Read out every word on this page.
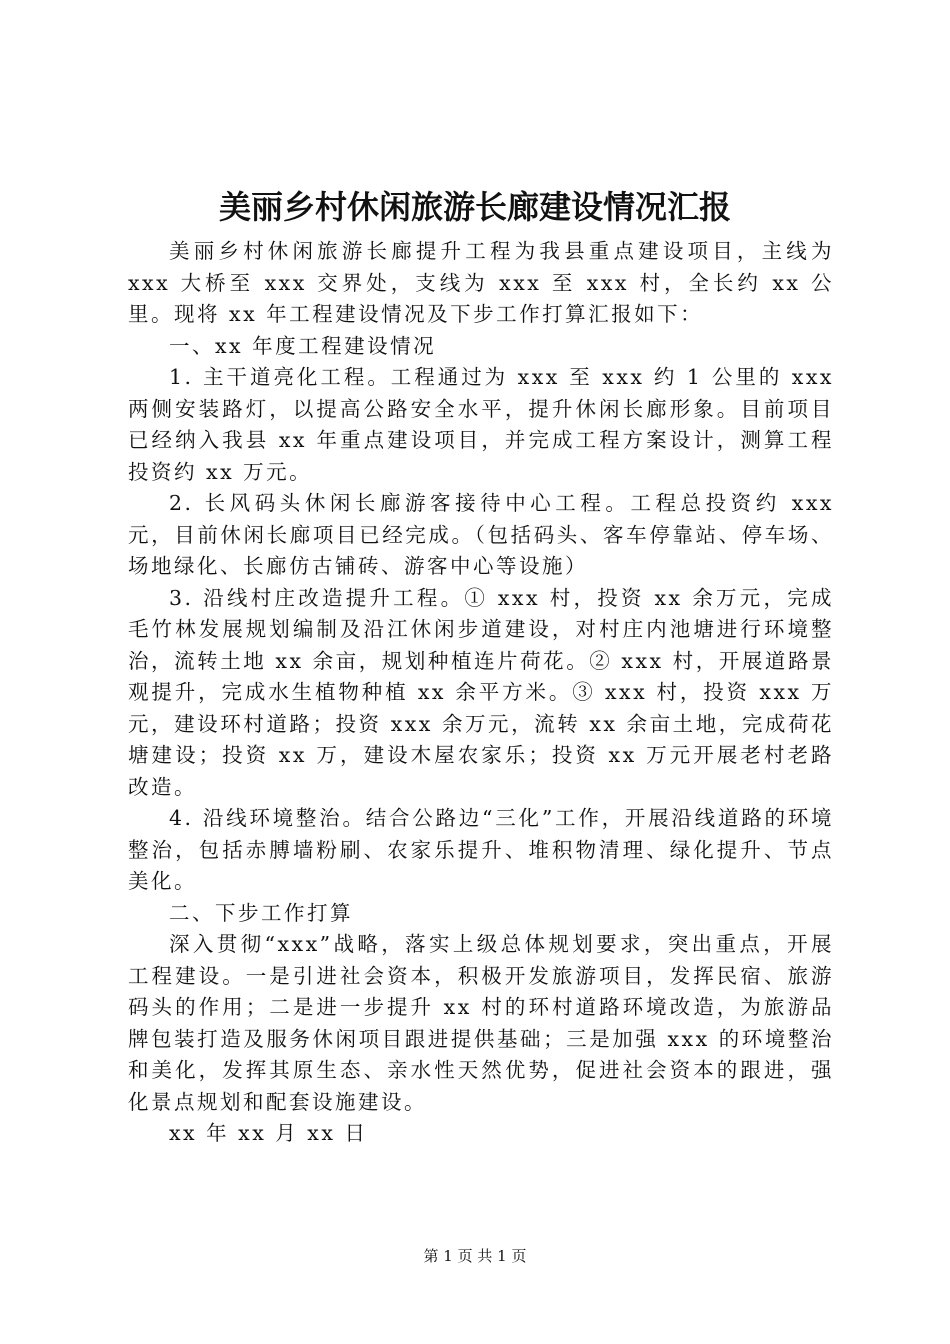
美丽乡村休闲旅游长廊建设情况汇报

美丽乡村休闲旅游长廊提升工程为我县重点建设项目，主线为 xxx 大桥至 xxx 交界处，支线为 xxx 至 xxx 村，全长约 xx 公里。现将 xx 年工程建设情况及下步工作打算汇报如下：

一、xx 年度工程建设情况

1. 主干道亮化工程。工程通过为 xxx 至 xxx 约 1 公里的 xxx 两侧安装路灯，以提高公路安全水平，提升休闲长廊形象。目前项目已经纳入我县 xx 年重点建设项目，并完成工程方案设计，测算工程投资约 xx 万元。

2. 长风码头休闲长廊游客接待中心工程。工程总投资约 xxx 元，目前休闲长廊项目已经完成。（包括码头、客车停靠站、停车场、场地绿化、长廊仿古铺砖、游客中心等设施）

3. 沿线村庄改造提升工程。① xxx 村，投资 xx 余万元，完成毛竹林发展规划编制及沿江休闲步道建设，对村庄内池塘进行环境整治，流转土地 xx 余亩，规划种植连片荷花。② xxx 村，开展道路景观提升，完成水生植物种植 xx 余平方米。③ xxx 村，投资 xxx 万元，建设环村道路；投资 xxx 余万元，流转 xx 余亩土地，完成荷花塘建设；投资 xx 万，建设木屋农家乐；投资 xx 万元开展老村老路改造。

4. 沿线环境整治。结合公路边“三化”工作，开展沿线道路的环境整治，包括赤膊墙粉刷、农家乐提升、堆积物清理、绿化提升、节点美化。

二、下步工作打算

深入贯彻“xxx”战略，落实上级总体规划要求，突出重点，开展工程建设。一是引进社会资本，积极开发旅游项目，发挥民宿、旅游码头的作用；二是进一步提升 xx 村的环村道路环境改造，为旅游品牌包装打造及服务休闲项目跟进提供基础；三是加强 xxx 的环境整治和美化，发挥其原生态、亲水性天然优势，促进社会资本的跟进，强化景点规划和配套设施建设。

xx 年 xx 月 xx 日

第 1 页 共 1 页
